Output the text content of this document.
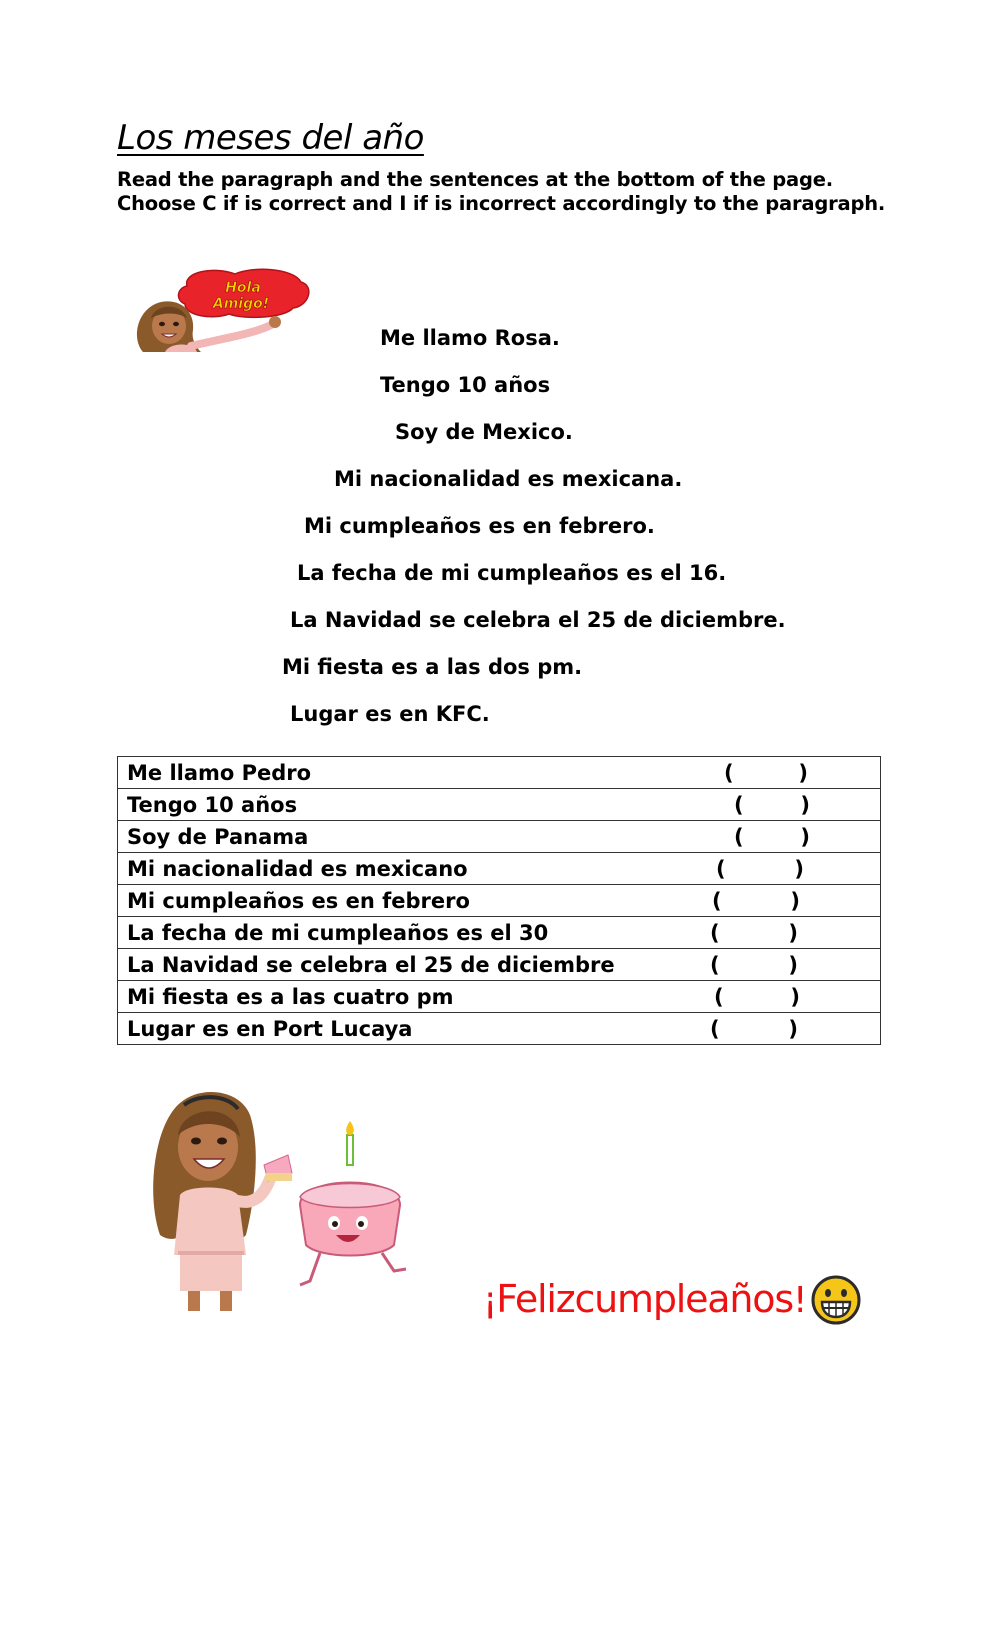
Los meses del año
Read the paragraph and the sentences at the bottom of the page.
Choose C if is correct and I if is incorrect accordingly to the paragraph.
Hola
Amigo!
Me llamo Rosa.
Tengo 10 años
Soy de Mexico.
Mi nacionalidad es mexicana.
Mi cumpleaños es en febrero.
La fecha de mi cumpleaños es el 16.
La Navidad se celebra el 25 de diciembre.
Mi fiesta es a las dos pm.
Lugar es en KFC.
Me llamo Pedro	(	)

Tengo 10 años	(	)

Soy de Panama	(	)

Mi nacionalidad es mexicano	(	)

Mi cumpleaños es en febrero	(	)

La fecha de mi cumpleaños es el 30	(	)

La Navidad se celebra el 25 de diciembre	(	)

Mi fiesta es a las cuatro pm	(	)

Lugar es en Port Lucaya	(	)
¡Felizcumpleaños!
